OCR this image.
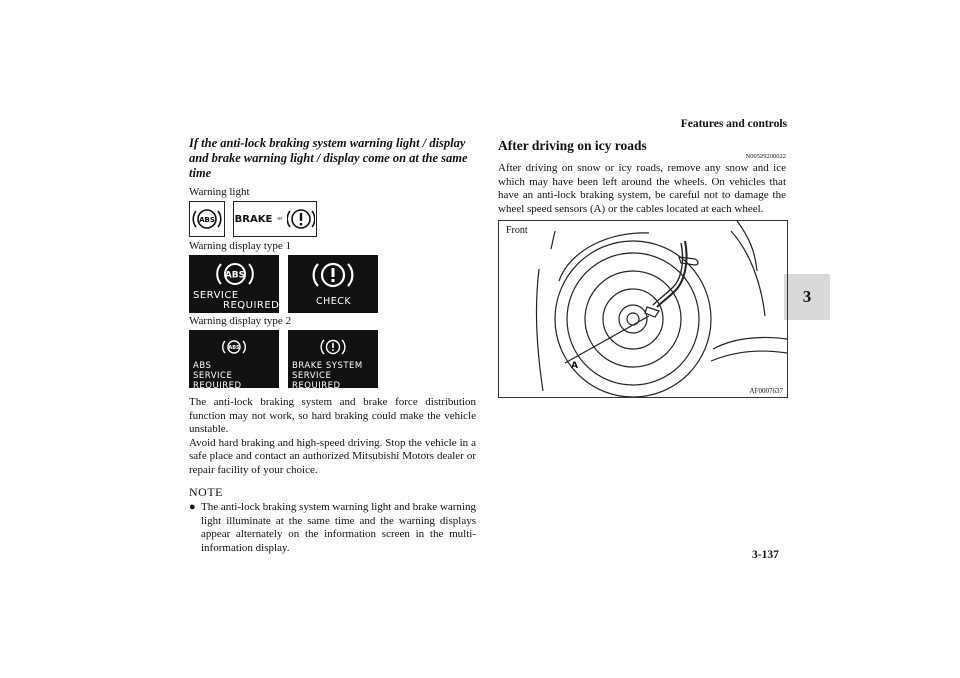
Features and controls
3

If the anti-lock braking system warning light / display and brake warning light / display come on at the same time

Warning light
ABS BRAKE or
Warning display type 1
ABS
SERVICE
REQUIRED	CHECK
Warning display type 2
ABS
ABS
SERVICE REQUIRED
BRAKE SYSTEM
SERVICE REQUIRED

The anti-lock braking system and brake force distribution function may not work, so hard braking could make the vehicle unstable.

Avoid hard braking and high-speed driving. Stop the vehicle in a safe place and contact an authorized Mitsubishi Motors dealer or repair facility of your choice.

NOTE
● The anti-lock braking system warning light and brake warning light illuminate at the same time and the warning displays appear alternately on the information screen in the multi-information display.

After driving on icy roads

N00529200022

After driving on snow or icy roads, remove any snow and ice which may have been left around the wheels. On vehicles that have an anti-lock braking system, be careful not to damage the wheel speed sensors (A) or the cables located at each wheel.

Front
A
AF0007637
3-137
